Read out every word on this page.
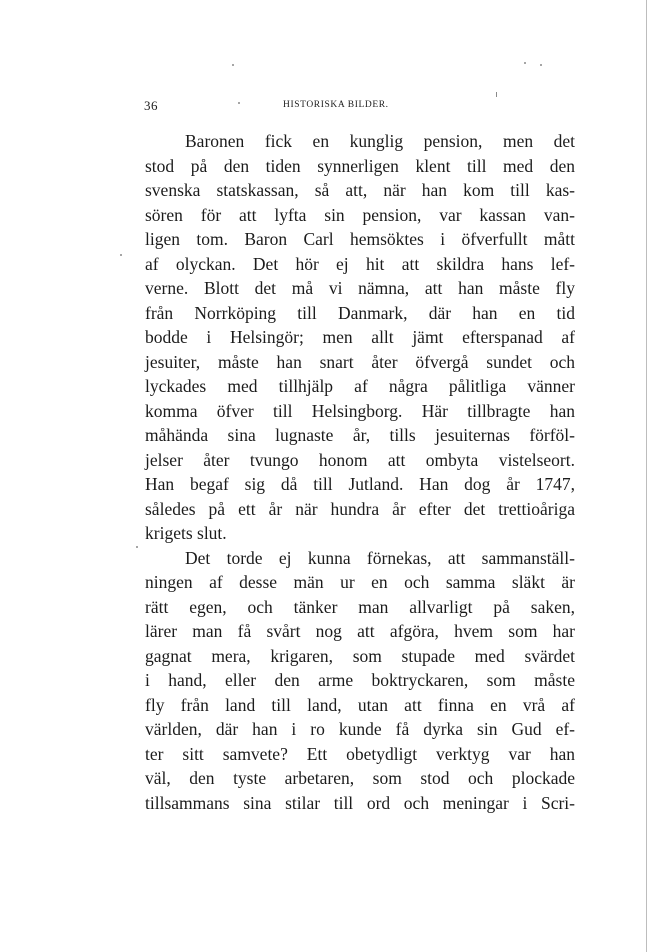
36	HISTORISKA BILDER.
Baronen fick en kunglig pension, men det
stod på den tiden synnerligen klent till med den
svenska statskassan, så att, när han kom till kas-
sören för att lyfta sin pension, var kassan van-
ligen tom. Baron Carl hemsöktes i öfverfullt mått
af olyckan. Det hör ej hit att skildra hans lef-
verne. Blott det må vi nämna, att han måste fly
från Norrköping till Danmark, där han en tid
bodde i Helsingör; men allt jämt efterspanad af
jesuiter, måste han snart åter öfvergå sundet och
lyckades med tillhjälp af några pålitliga vänner
komma öfver till Helsingborg. Här tillbragte han
måhända sina lugnaste år, tills jesuiternas förföl-
jelser åter tvungo honom att ombyta vistelseort.
Han begaf sig då till Jutland. Han dog år 1747,
således på ett år när hundra år efter det trettioåriga
krigets slut.
Det torde ej kunna förnekas, att sammanställ-
ningen af desse män ur en och samma släkt är
rätt egen, och tänker man allvarligt på saken,
lärer man få svårt nog att afgöra, hvem som har
gagnat mera, krigaren, som stupade med svärdet
i hand, eller den arme boktryckaren, som måste
fly från land till land, utan att finna en vrå af
världen, där han i ro kunde få dyrka sin Gud ef-
ter sitt samvete? Ett obetydligt verktyg var han
väl, den tyste arbetaren, som stod och plockade
tillsammans sina stilar till ord och meningar i Scri-
